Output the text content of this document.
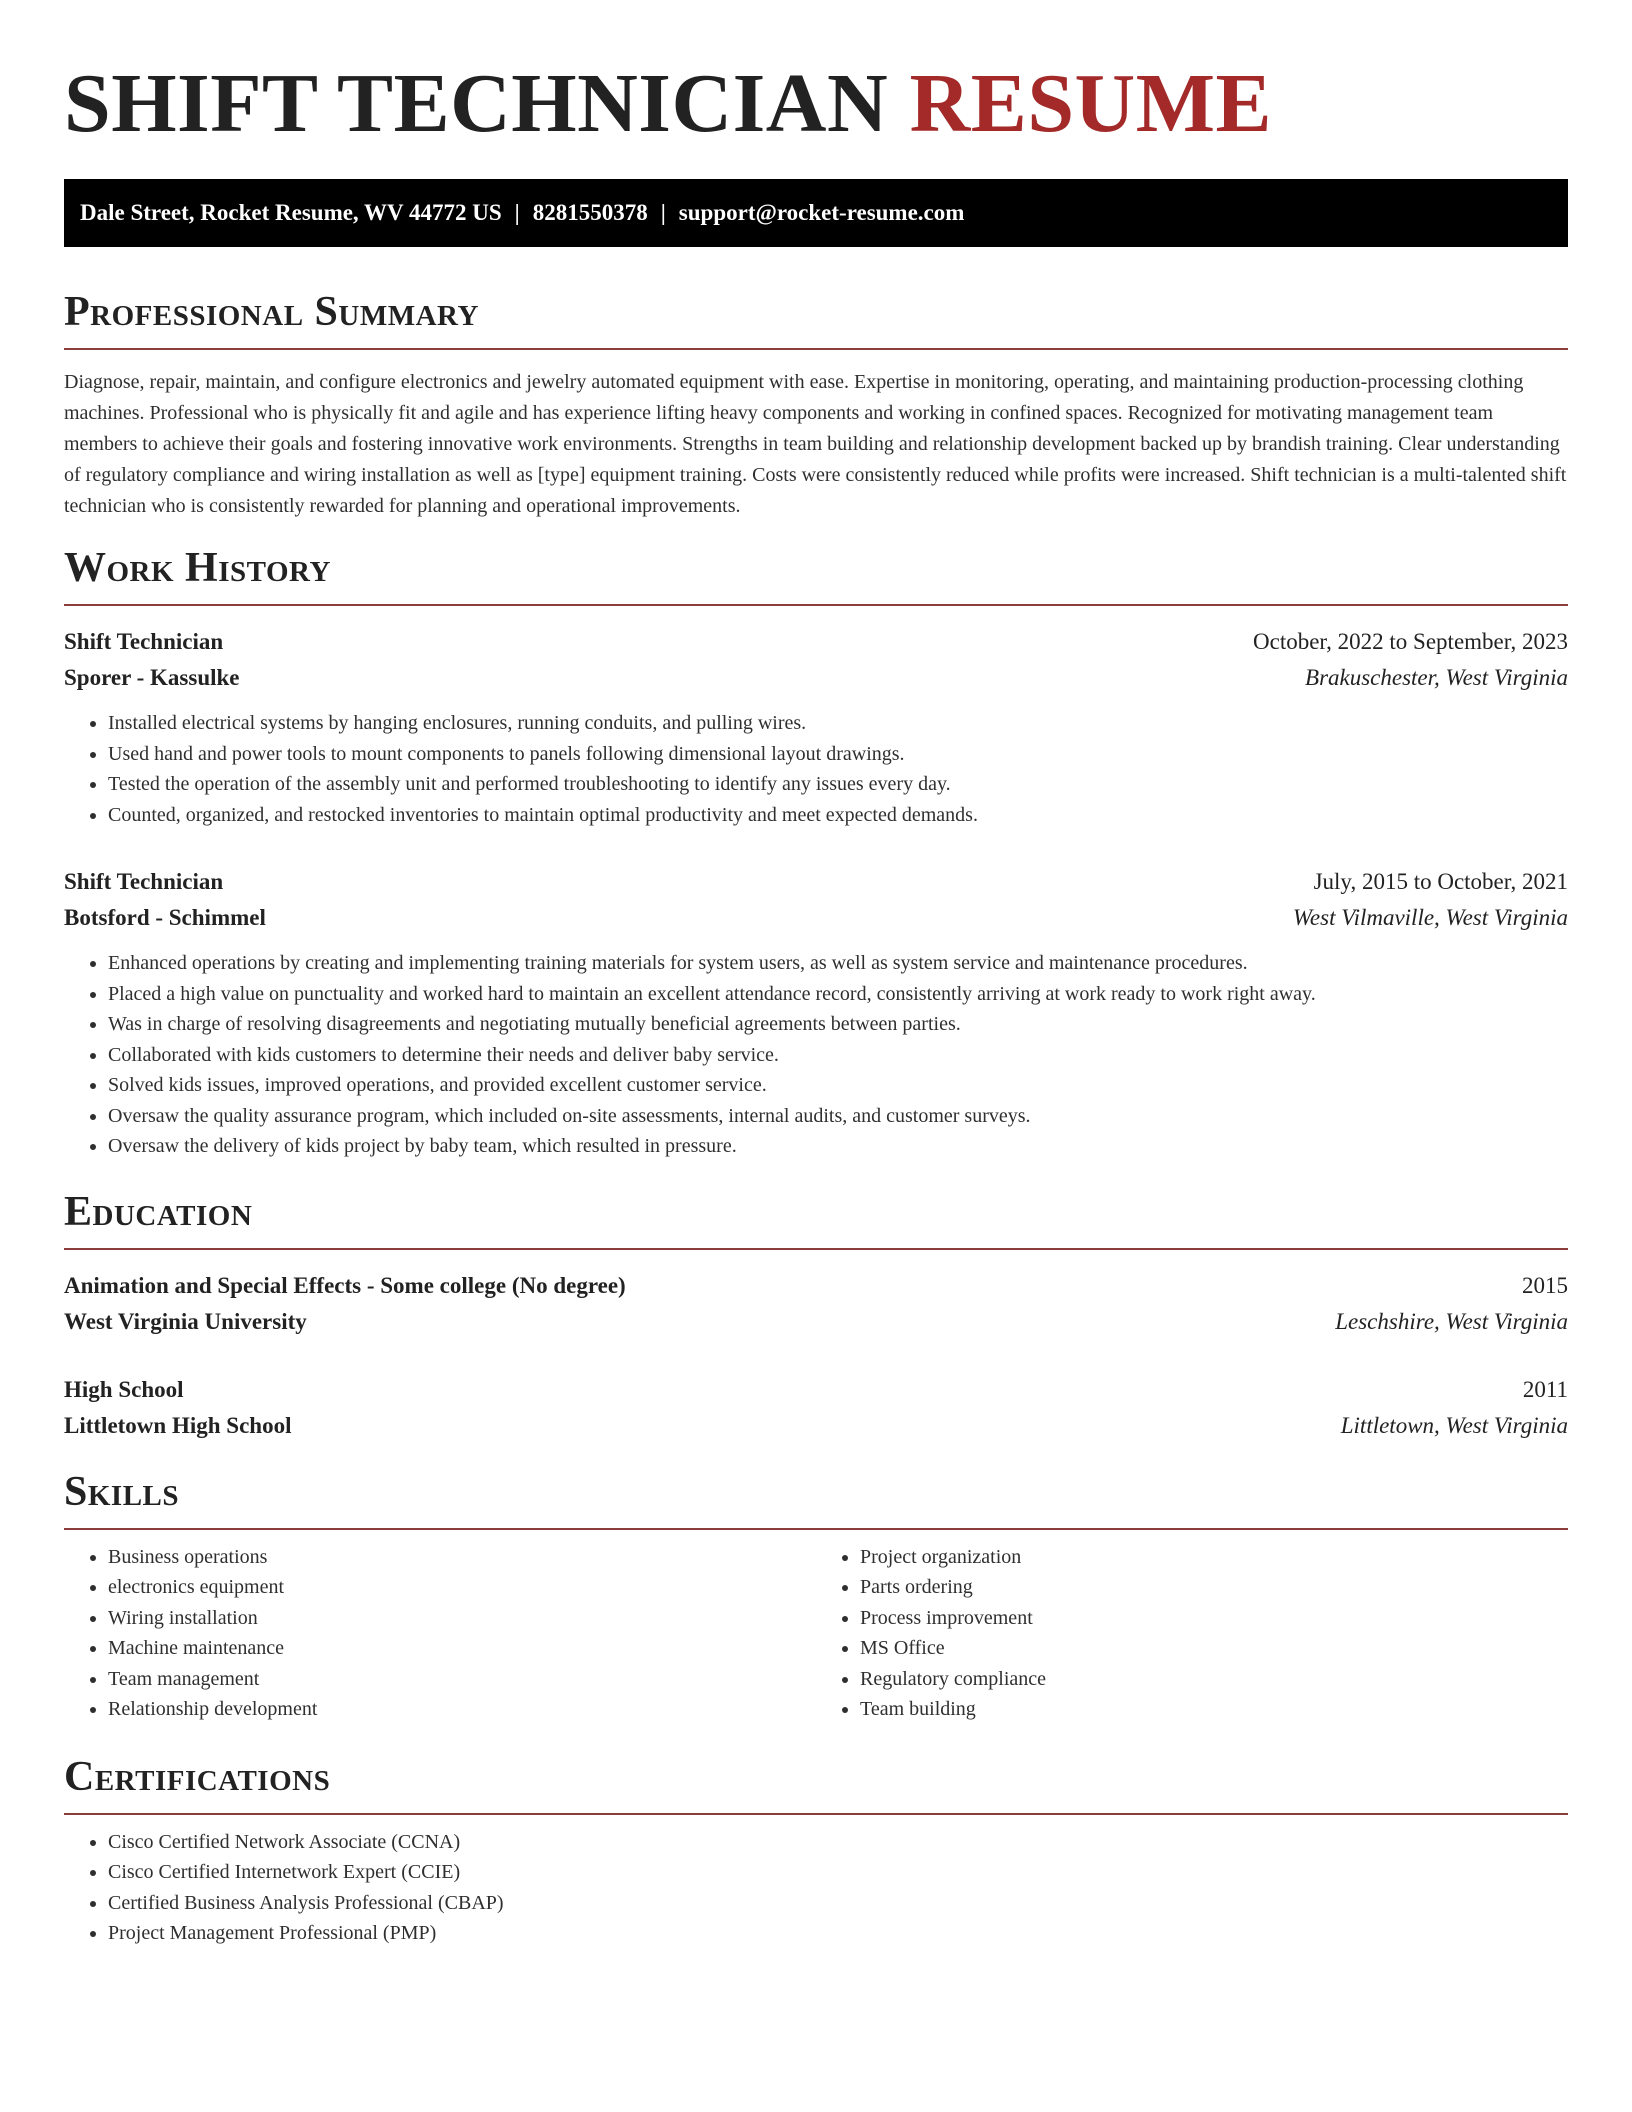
SHIFT TECHNICIAN RESUME
Dale Street, Rocket Resume, WV 44772 US | 8281550378 | support@rocket-resume.com
Professional Summary

Diagnose, repair, maintain, and configure electronics and jewelry automated equipment with ease. Expertise in monitoring, operating, and maintaining production-processing clothing machines. Professional who is physically fit and agile and has experience lifting heavy components and working in confined spaces. Recognized for motivating management team members to achieve their goals and fostering innovative work environments. Strengths in team building and relationship development backed up by brandish training. Clear understanding of regulatory compliance and wiring installation as well as [type] equipment training. Costs were consistently reduced while profits were increased. Shift technician is a multi-talented shift technician who is consistently rewarded for planning and operational improvements.

Work History
Shift Technician	October, 2022 to September, 2023
Sporer - Kassulke	Brakuschester, West Virginia
• Installed electrical systems by hanging enclosures, running conduits, and pulling wires.
• Used hand and power tools to mount components to panels following dimensional layout drawings.
• Tested the operation of the assembly unit and performed troubleshooting to identify any issues every day.
• Counted, organized, and restocked inventories to maintain optimal productivity and meet expected demands.
Shift Technician	July, 2015 to October, 2021
Botsford - Schimmel	West Vilmaville, West Virginia
• Enhanced operations by creating and implementing training materials for system users, as well as system service and maintenance procedures.
• Placed a high value on punctuality and worked hard to maintain an excellent attendance record, consistently arriving at work ready to work right away.
• Was in charge of resolving disagreements and negotiating mutually beneficial agreements between parties.
• Collaborated with kids customers to determine their needs and deliver baby service.
• Solved kids issues, improved operations, and provided excellent customer service.
• Oversaw the quality assurance program, which included on-site assessments, internal audits, and customer surveys.
• Oversaw the delivery of kids project by baby team, which resulted in pressure.
Education
Animation and Special Effects - Some college (No degree)	2015
West Virginia University	Leschshire, West Virginia
High School	2011
Littletown High School	Littletown, West Virginia
Skills
• Business operations
• electronics equipment
• Wiring installation
• Machine maintenance
• Team management
• Relationship development
• Project organization
• Parts ordering
• Process improvement
• MS Office
• Regulatory compliance
• Team building
Certifications
• Cisco Certified Network Associate (CCNA)
• Cisco Certified Internetwork Expert (CCIE)
• Certified Business Analysis Professional (CBAP)
• Project Management Professional (PMP)
